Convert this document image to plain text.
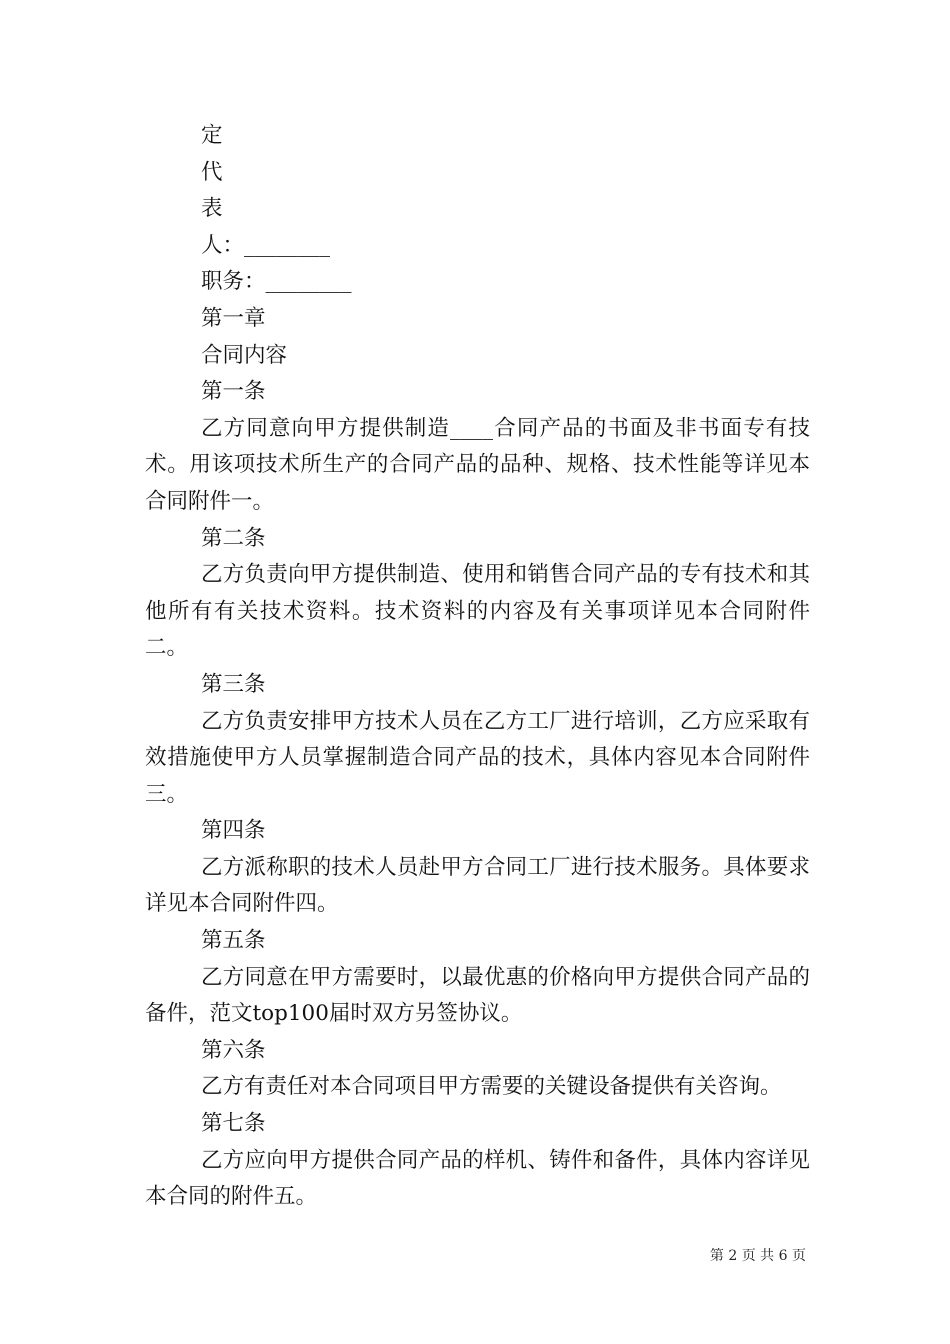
定
代
表
人：________
职务：________
第一章
合同内容
第一条

乙方同意向甲方提供制造____合同产品的书面及非书面专有技术。用该项技术所生产的合同产品的品种、规格、技术性能等详见本合同附件一。

第二条

乙方负责向甲方提供制造、使用和销售合同产品的专有技术和其他所有有关技术资料。技术资料的内容及有关事项详见本合同附件二。

第三条

乙方负责安排甲方技术人员在乙方工厂进行培训，乙方应采取有效措施使甲方人员掌握制造合同产品的技术，具体内容见本合同附件三。

第四条

乙方派称职的技术人员赴甲方合同工厂进行技术服务。具体要求详见本合同附件四。

第五条

乙方同意在甲方需要时，以最优惠的价格向甲方提供合同产品的备件，范文top100届时双方另签协议。

第六条

乙方有责任对本合同项目甲方需要的关键设备提供有关咨询。

第七条

乙方应向甲方提供合同产品的样机、铸件和备件，具体内容详见本合同的附件五。

第 2 页 共 6 页
